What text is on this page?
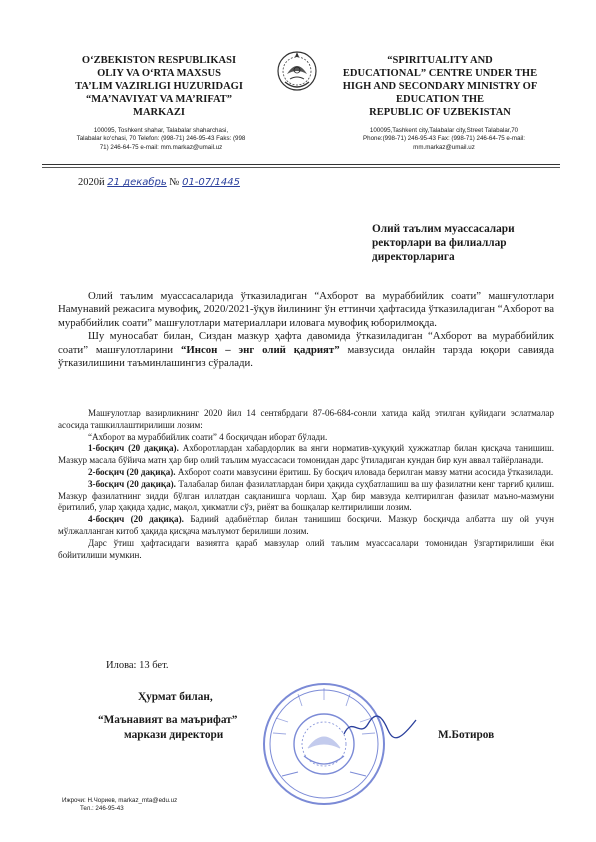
O‘ZBEKISTON RESPUBLIKASI
OLIY VA O‘RTA MAXSUS
TA’LIM VAZIRLIGI HUZURIDAGI
“MA’NAVIYAT VA MA’RIFAT”
MARKAZI
“SPIRITUALITY AND
EDUCATIONAL” CENTRE UNDER THE
HIGH AND SECONDARY MINISTRY OF
EDUCATION THE
REPUBLIC OF UZBEKISTAN
100095, Toshkent shahar, Talabalar shaharchasi,
Talabalar ko‘chasi, 70 Telefon: (998-71) 246-95-43 Faks: (998
71) 246-64-75 e-mail: mm.markaz@umail.uz
100095,Tashkent city,Talabalar city,Street Talabalar,70
Phone:(998-71) 246-95-43 Fax: (998-71) 246-64-75 e-mail:
mm.markaz@umail.uz
2020й 21 декабрь № 01-07/1445
Олий таълим муассасалари
ректорлари ва филиаллар
директорларига

Олий таълим муассасаларида ўтказиладиган “Ахборот ва мураббийлик соати” машғулотлари Намунавий режасига мувофиқ, 2020/2021-ўқув йилининг ўн еттинчи ҳафтасида ўтказиладиган “Ахборот ва мураббийлик соати” машғулотлари материаллари иловага мувофиқ юборилмоқда.

Шу муносабат билан, Сиздан мазкур ҳафта давомида ўтказиладиган “Ахборот ва мураббийлик соати” машғулотларини “Инсон – энг олий қадрият” мавзусида онлайн тарзда юқори савияда ўтказилишини таъминлашингиз сўралади.

Машғулотлар вазирликнинг 2020 йил 14 сентябрдаги 87-06-684-сонли хатида кайд этилган қуйидаги эслатмалар асосида ташкиллаштирилиши лозим:

“Ахборот ва мураббийлик соати” 4 босқичдан иборат бўлади.

1-босқич (20 дақиқа). Ахборотлардан хабардорлик ва янги норматив-ҳуқуқий ҳужжатлар билан қисқача танишиш. Мазкур масала бўйича матн ҳар бир олий таълим муассасаси томонидан дарс ўтиладиган кундан бир кун аввал тайёрланади.

2-босқич (20 дақиқа). Ахборот соати мавзусини ёритиш. Бу босқич иловада берилган мавзу матни асосида ўтказилади.

3-босқич (20 дақиқа). Талабалар билан фазилатлардан бири ҳақида суҳбатлашиш ва шу фазилатни кенг тарғиб қилиш. Мазкур фазилатнинг зидди бўлган иллатдан сақланишга чорлаш. Ҳар бир мавзуда келтирилган фазилат маъно-мазмуни ёритилиб, улар ҳақида ҳадис, мақол, ҳикматли сўз, риёят ва бошқалар келтирилиши лозим.

4-босқич (20 дақиқа). Бадиий адабиётлар билан танишиш босқичи. Мазкур босқичда албатта шу ой учун мўлжалланган китоб ҳақида қисқача маълумот берилиши лозим.

Дарс ўтиш ҳафтасидаги вазиятга қараб мавзулар олий таълим муассасалари томонидан ўзгартирилиши ёки бойитилиши мумкин.

Илова: 13 бет.
Ҳурмат билан,
“Маънавият ва маърифат”
маркази директори	М.Ботиров
Ижрочи: Н.Чориев, markaz_mta@edu.uz
Тел.: 246-95-43
